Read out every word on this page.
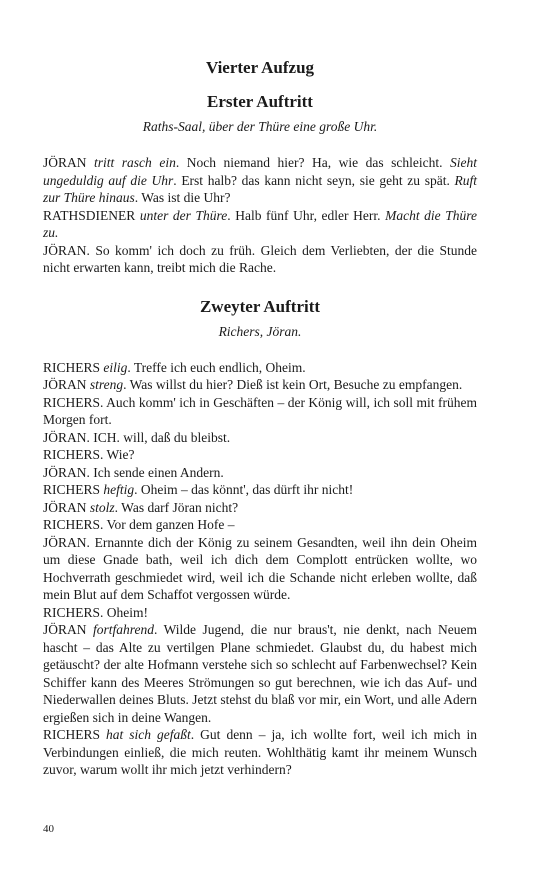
Vierter Aufzug
Erster Auftritt
Raths-Saal, über der Thüre eine große Uhr.

JÖRAN tritt rasch ein. Noch niemand hier? Ha, wie das schleicht. Sieht ungeduldig auf die Uhr. Erst halb? das kann nicht seyn, sie geht zu spät. Ruft zur Thüre hinaus. Was ist die Uhr?

RATHSDIENER unter der Thüre. Halb fünf Uhr, edler Herr. Macht die Thüre zu.

JÖRAN. So komm' ich doch zu früh. Gleich dem Verliebten, der die Stunde nicht erwarten kann, treibt mich die Rache.

Zweyter Auftritt
Richers, Jöran.

RICHERS eilig. Treffe ich euch endlich, Oheim.

JÖRAN streng. Was willst du hier? Dieß ist kein Ort, Besuche zu empfangen.

RICHERS. Auch komm' ich in Geschäften – der König will, ich soll mit frühem Morgen fort.

JÖRAN. ICH. will, daß du bleibst.

RICHERS. Wie?

JÖRAN. Ich sende einen Andern.

RICHERS heftig. Oheim – das könnt', das dürft ihr nicht!

JÖRAN stolz. Was darf Jöran nicht?

RICHERS. Vor dem ganzen Hofe –

JÖRAN. Ernannte dich der König zu seinem Gesandten, weil ihn dein Oheim um diese Gnade bath, weil ich dich dem Complott entrücken wollte, wo Hochverrath geschmiedet wird, weil ich die Schande nicht erleben wollte, daß mein Blut auf dem Schaffot vergossen würde.

RICHERS. Oheim!

JÖRAN fortfahrend. Wilde Jugend, die nur braus't, nie denkt, nach Neuem hascht – das Alte zu vertilgen Plane schmiedet. Glaubst du, du habest mich getäuscht? der alte Hofmann verstehe sich so schlecht auf Farbenwechsel? Kein Schiffer kann des Meeres Strömungen so gut berechnen, wie ich das Auf- und Niederwallen deines Bluts. Jetzt stehst du blaß vor mir, ein Wort, und alle Adern ergießen sich in deine Wangen.

RICHERS hat sich gefaßt. Gut denn – ja, ich wollte fort, weil ich mich in Verbindungen einließ, die mich reuten. Wohlthätig kamt ihr meinem Wunsch zuvor, warum wollt ihr mich jetzt verhindern?

40
